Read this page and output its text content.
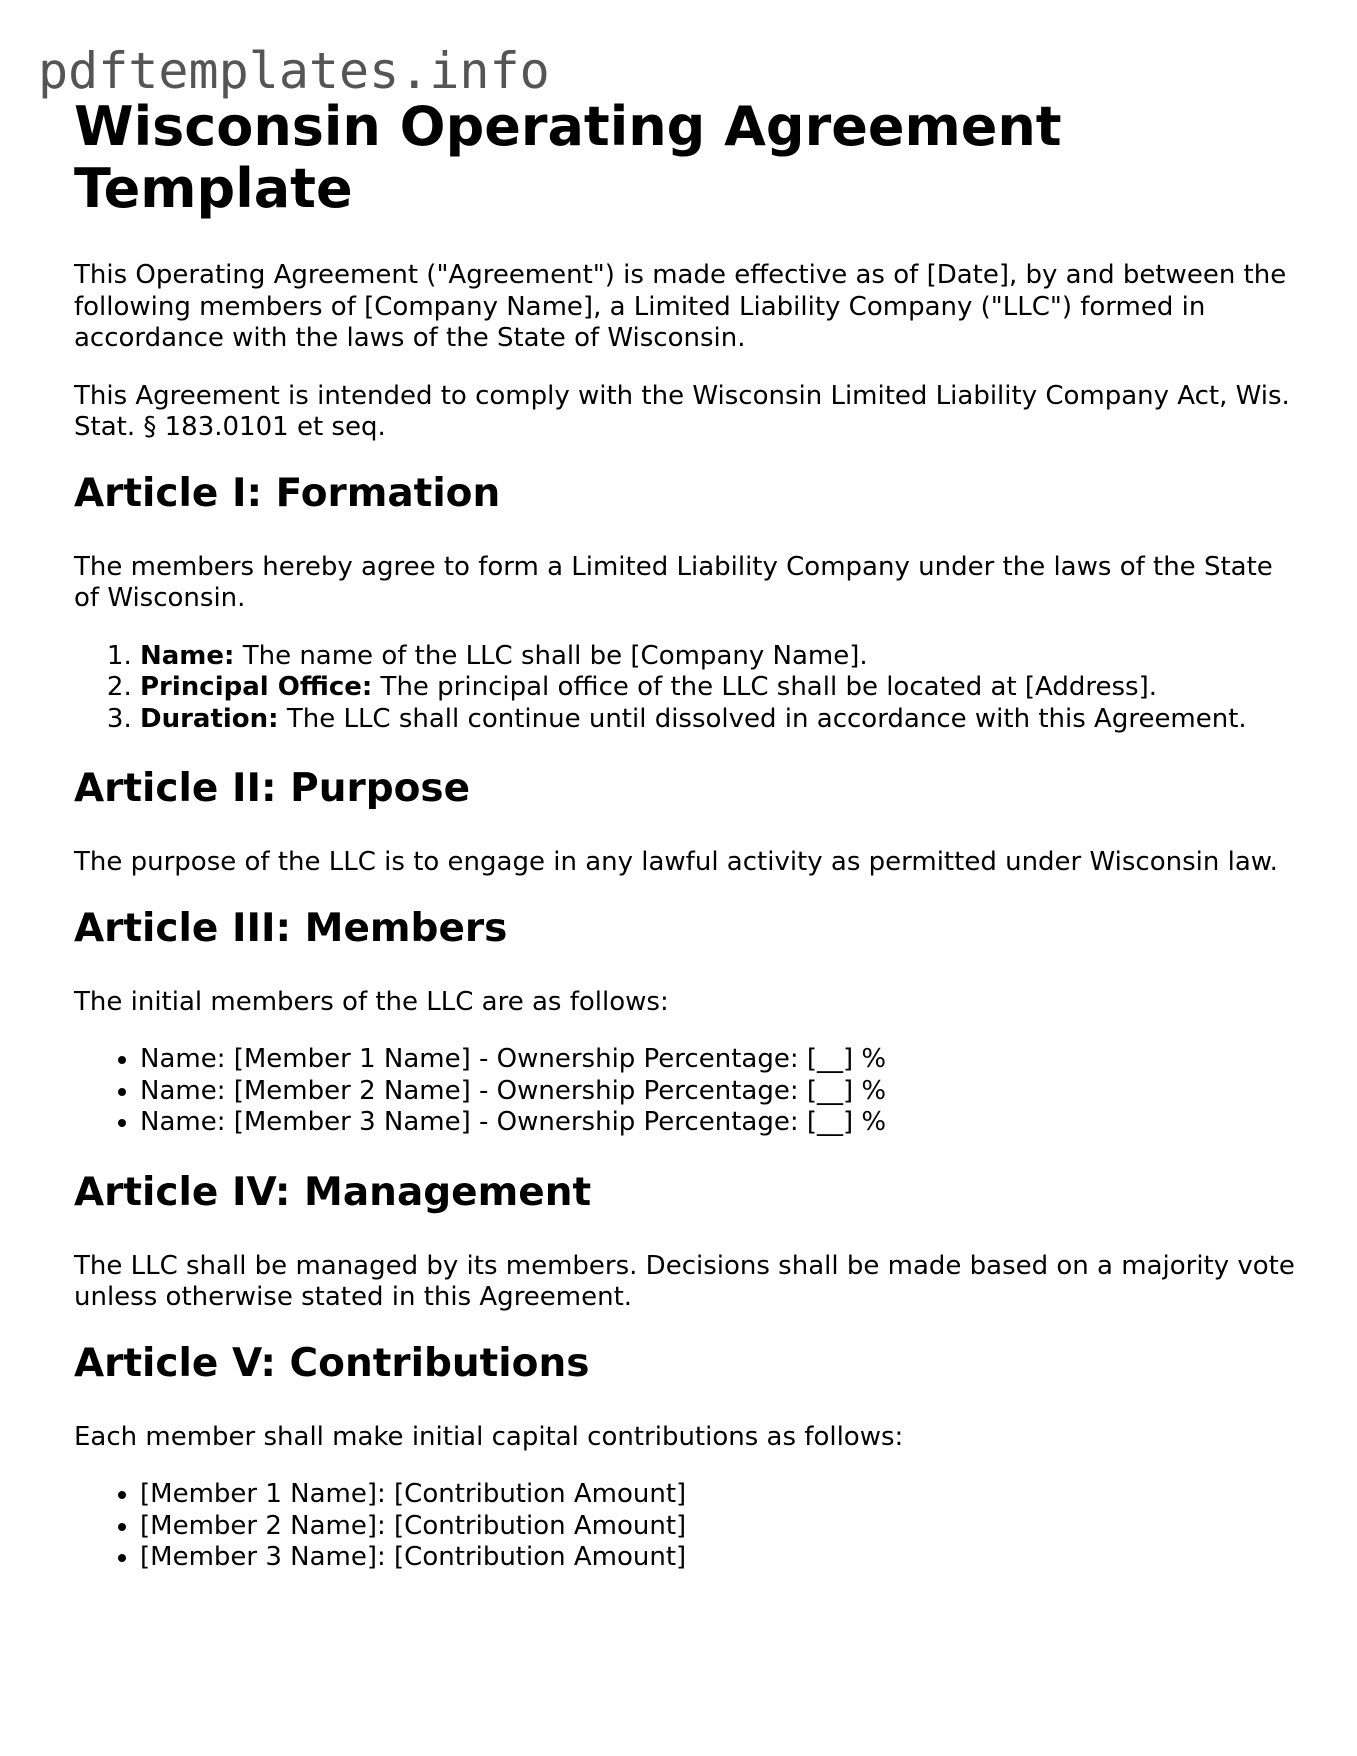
pdftemplates.info
Wisconsin Operating Agreement Template

This Operating Agreement ("Agreement") is made effective as of [Date], by and between the following members of [Company Name], a Limited Liability Company ("LLC") formed in accordance with the laws of the State of Wisconsin.

This Agreement is intended to comply with the Wisconsin Limited Liability Company Act, Wis. Stat. § 183.0101 et seq.

Article I: Formation

The members hereby agree to form a Limited Liability Company under the laws of the State of Wisconsin.

1. Name: The name of the LLC shall be [Company Name].
2. Principal Office: The principal office of the LLC shall be located at [Address].
3. Duration: The LLC shall continue until dissolved in accordance with this Agreement.
Article II: Purpose

The purpose of the LLC is to engage in any lawful activity as permitted under Wisconsin law.

Article III: Members

The initial members of the LLC are as follows:

• Name: [Member 1 Name] - Ownership Percentage: [__] %
• Name: [Member 2 Name] - Ownership Percentage: [__] %
• Name: [Member 3 Name] - Ownership Percentage: [__] %
Article IV: Management

The LLC shall be managed by its members. Decisions shall be made based on a majority vote unless otherwise stated in this Agreement.

Article V: Contributions

Each member shall make initial capital contributions as follows:

• [Member 1 Name]: [Contribution Amount]
• [Member 2 Name]: [Contribution Amount]
• [Member 3 Name]: [Contribution Amount]
